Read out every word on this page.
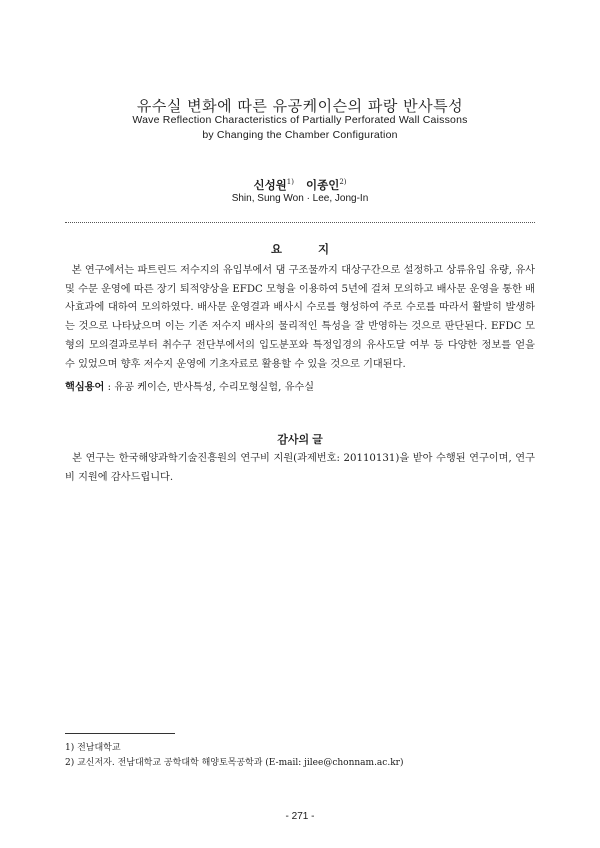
유수실 변화에 따른 유공케이슨의 파랑 반사특성
Wave Reflection Characteristics of Partially Perforated Wall Caissons
by Changing the Chamber Configuration
신성원$^{1)}$ 이종인$^{2)}$
Shin, Sung Won · Lee, Jong-In
요 지
본 연구에서는 파트린드 저수지의 유입부에서 댐 구조물까지 대상구간으로 설정하고 상류유입 유량, 유사 및 수문 운영에 따른 장기 퇴적양상을 EFDC 모형을 이용하여 5년에 걸쳐 모의하고 배사문 운영을 통한 배사효과에 대하여 모의하였다. 배사문 운영결과 배사시 수로를 형성하여 주로 수로를 따라서 활발히 발생하는 것으로 나타났으며 이는 기존 저수지 배사의 물리적인 특성을 잘 반영하는 것으로 판단된다. EFDC 모형의 모의결과로부터 취수구 전단부에서의 입도분포와 특정입경의 유사도달 여부 등 다양한 정보를 얻을 수 있었으며 향후 저수지 운영에 기초자료로 활용할 수 있을 것으로 기대된다.
핵심용어 : 유공 케이슨, 반사특성, 수리모형실험, 유수실
감사의 글
본 연구는 한국해양과학기술진흥원의 연구비 지원(과제번호: 20110131)을 받아 수행된 연구이며, 연구비 지원에 감사드립니다.
1) 전남대학교
2) 교신저자. 전남대학교 공학대학 해양토목공학과 (E-mail: jilee@chonnam.ac.kr)
- 271 -
